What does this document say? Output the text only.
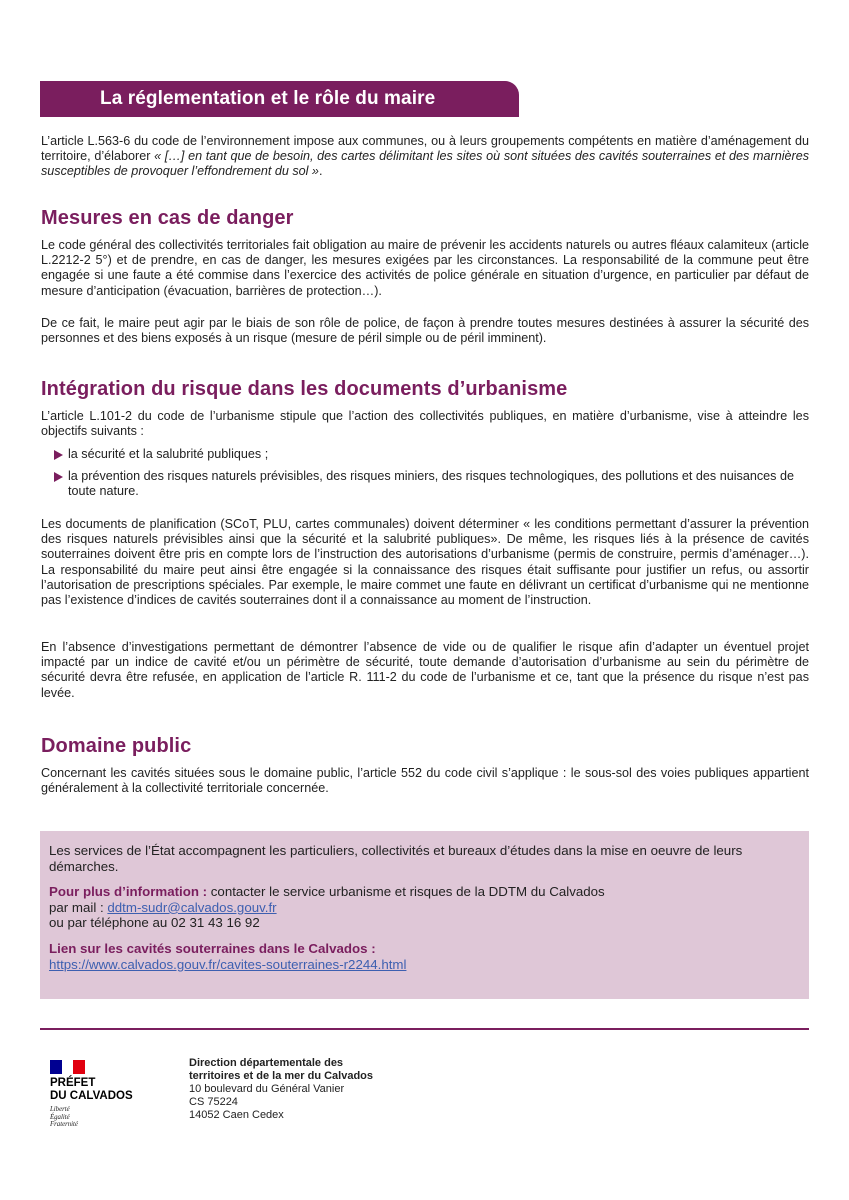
La réglementation et le rôle du maire

L’article L.563-6 du code de l’environnement impose aux communes, ou à leurs groupements compétents en matière d’aménagement du territoire, d’élaborer « […] en tant que de besoin, des cartes délimitant les sites où sont situées des cavités souterraines et des marnières susceptibles de provoquer l’effondrement du sol ».

Mesures en cas de danger

Le code général des collectivités territoriales fait obligation au maire de prévenir les accidents naturels ou autres fléaux calamiteux (article L.2212-2 5°) et de prendre, en cas de danger, les mesures exigées par les circonstances. La responsabilité de la commune peut être engagée si une faute a été commise dans l’exercice des activités de police générale en situation d’urgence, en particulier par défaut de mesure d’anticipation (évacuation, barrières de protection…).

De ce fait, le maire peut agir par le biais de son rôle de police, de façon à prendre toutes mesures destinées à assurer la sécurité des personnes et des biens exposés à un risque (mesure de péril simple ou de péril imminent).

Intégration du risque dans les documents d’urbanisme

L’article L.101-2 du code de l’urbanisme stipule que l’action des collectivités publiques, en matière d’urbanisme, vise à atteindre les objectifs suivants :

la sécurité et la salubrité publiques ;
la prévention des risques naturels prévisibles, des risques miniers, des risques technologiques, des pollutions et des nuisances de toute nature.

Les documents de planification (SCoT, PLU, cartes communales) doivent déterminer « les conditions permettant d’assurer la prévention des risques naturels prévisibles ainsi que la sécurité et la salubrité publiques». De même, les risques liés à la présence de cavités souterraines doivent être pris en compte lors de l’instruction des autorisations d’urbanisme (permis de construire, permis d’aménager…). La responsabilité du maire peut ainsi être engagée si la connaissance des risques était suffisante pour justifier un refus, ou assortir l’autorisation de prescriptions spéciales. Par exemple, le maire commet une faute en délivrant un certificat d’urbanisme qui ne mentionne pas l’existence d’indices de cavités souterraines dont il a connaissance au moment de l’instruction.

En l’absence d’investigations permettant de démontrer l’absence de vide ou de qualifier le risque afin d’adapter un éventuel projet impacté par un indice de cavité et/ou un périmètre de sécurité, toute demande d’autorisation d’urbanisme au sein du périmètre de sécurité devra être refusée, en application de l’article R. 111-2 du code de l’urbanisme et ce, tant que la présence du risque n’est pas levée.

Domaine public

Concernant les cavités situées sous le domaine public, l’article 552 du code civil s’applique : le sous-sol des voies publiques appartient généralement à la collectivité territoriale concernée.

Les services de l’État accompagnent les particuliers, collectivités et bureaux d’études dans la mise en oeuvre de leurs démarches.

Pour plus d’information : contacter le service urbanisme et risques de la DDTM du Calvados
par mail : ddtm-sudr@calvados.gouv.fr
ou par téléphone au 02 31 43 16 92

Lien sur les cavités souterraines dans le Calvados :
https://www.calvados.gouv.fr/cavites-souterraines-r2244.html

PRÉFET
DU CALVADOS
Liberté
Égalité
Fraternité
Direction départementale des
territoires et de la mer du Calvados
10 boulevard du Général Vanier
CS 75224
14052 Caen Cedex
